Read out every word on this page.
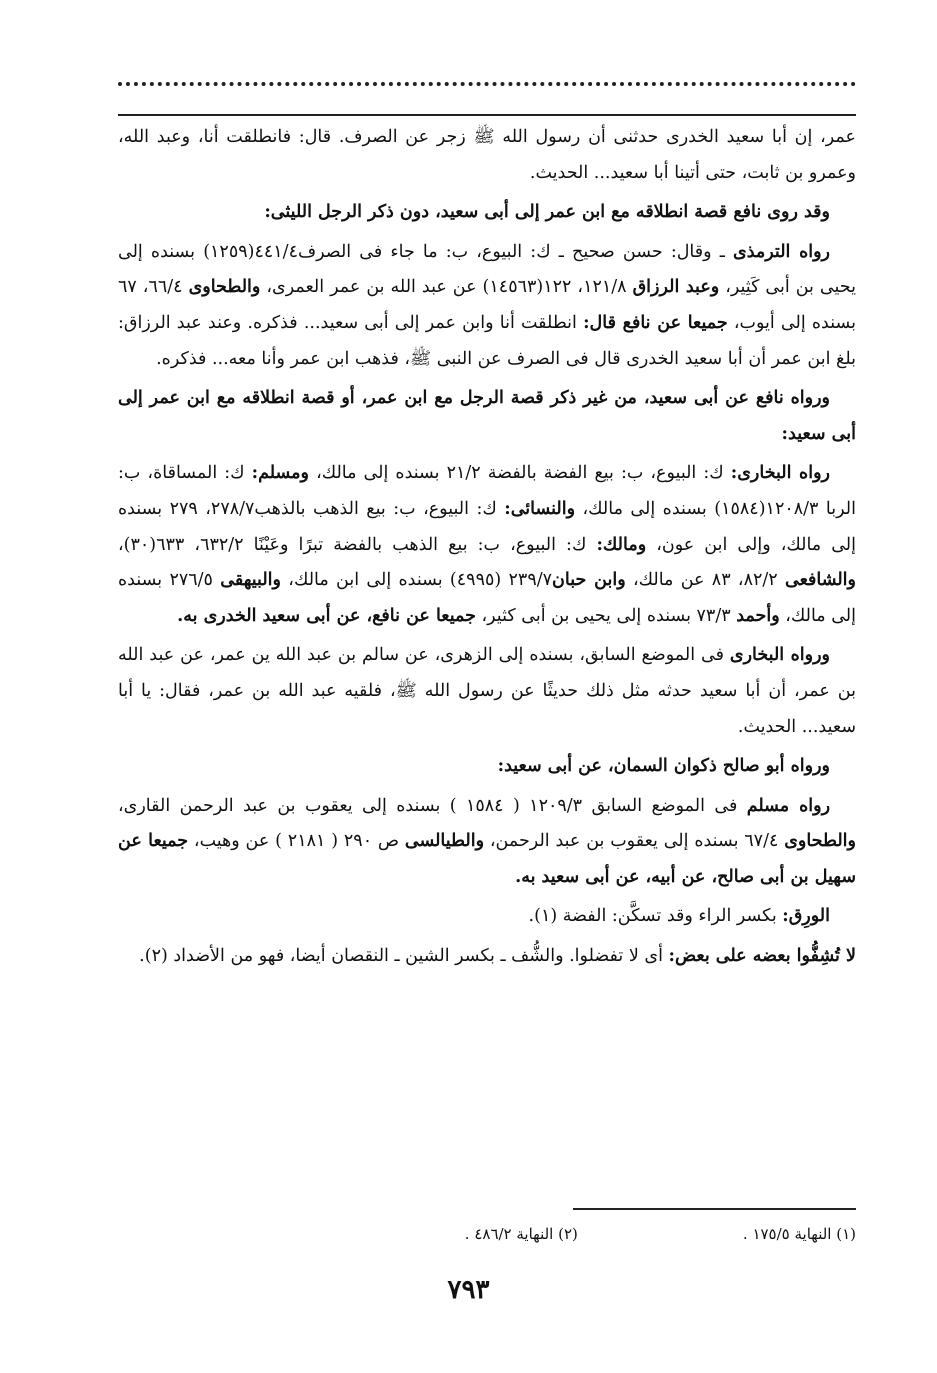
عمر، إن أبا سعيد الخدرى حدثنى أن رسول الله ﷺ زجر عن الصرف. قال: فانطلقت أنا، وعبد الله، وعمرو بن ثابت، حتى أتينا أبا سعيد... الحديث.

وقد روى نافع قصة انطلاقه مع ابن عمر إلى أبى سعيد، دون ذكر الرجل الليثى:

رواه الترمذى ـ وقال: حسن صحيح ـ ك: البيوع، ب: ما جاء فى الصرف٤٤١/٤(١٢٥٩) بسنده إلى يحيى بن أبى كَثِير، وعبد الرزاق ١٢١/٨، ١٢٢(١٤٥٦٣) عن عبد الله بن عمر العمرى، والطحاوى ٦٦/٤، ٦٧ بسنده إلى أيوب، جميعا عن نافع قال: انطلقت أنا وابن عمر إلى أبى سعيد... فذكره. وعند عبد الرزاق: بلغ ابن عمر أن أبا سعيد الخدرى قال فى الصرف عن النبى ﷺ، فذهب ابن عمر وأنا معه... فذكره.

ورواه نافع عن أبى سعيد، من غير ذكر قصة الرجل مع ابن عمر، أو قصة انطلاقه مع ابن عمر إلى أبى سعيد:

رواه البخارى: ك: البيوع، ب: بيع الفضة بالفضة ٢١/٢ بسنده إلى مالك، ومسلم: ك: المساقاة، ب: الربا ١٢٠٨/٣(١٥٨٤) بسنده إلى مالك، والنسائى: ك: البيوع، ب: بيع الذهب بالذهب٢٧٨/٧، ٢٧٩ بسنده إلى مالك، وإلى ابن عون، ومالك: ك: البيوع، ب: بيع الذهب بالفضة تبرًا وعَيْنًا ٦٣٢/٢، ٦٣٣(٣٠)، والشافعى ٨٢/٢، ٨٣ عن مالك، وابن حبان٢٣٩/٧ (٤٩٩٥) بسنده إلى ابن مالك، والبيهقى ٢٧٦/٥ بسنده إلى مالك، وأحمد ٧٣/٣ بسنده إلى يحيى بن أبى كثير، جميعا عن نافع، عن أبى سعيد الخدرى به.

ورواه البخارى فى الموضع السابق، بسنده إلى الزهرى، عن سالم بن عبد الله ين عمر، عن عبد الله بن عمر، أن أبا سعيد حدثه مثل ذلك حديثًا عن رسول الله ﷺ، فلقيه عبد الله بن عمر، فقال: يا أبا سعيد... الحديث.

ورواه أبو صالح ذكوان السمان، عن أبى سعيد:

رواه مسلم فى الموضع السابق ١٢٠٩/٣ ( ١٥٨٤ ) بسنده إلى يعقوب بن عبد الرحمن القارى، والطحاوى ٦٧/٤ بسنده إلى يعقوب بن عبد الرحمن، والطيالسى ص ٢٩٠ ( ٢١٨١ ) عن وهيب، جميعا عن سهيل بن أبى صالح، عن أبيه، عن أبى سعيد به.

الورِق: بكسر الراء وقد تسكَّن: الفضة (١).

لا تُشِفُّوا بعضه على بعض: أى لا تفضلوا. والشُّف ـ بكسر الشين ـ النقصان أيضا، فهو من الأضداد (٢).

(١) النهاية ١٧٥/٥ .
(٢) النهاية ٤٨٦/٢ .
٧٩٣
